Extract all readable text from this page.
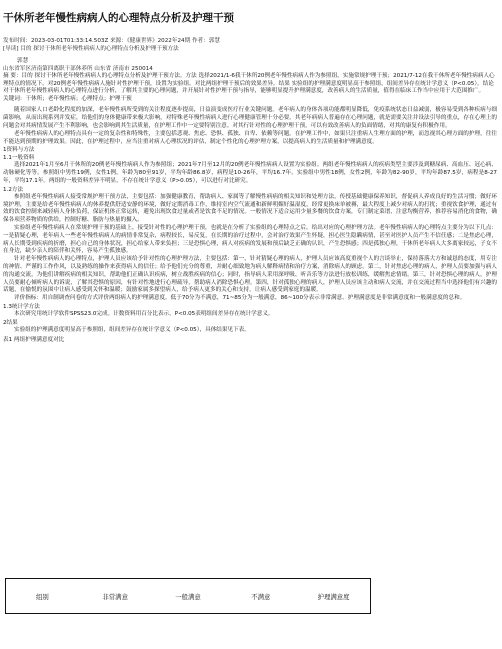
干休所老年慢性病病人的心理特点分析及护理干预
发布时间：2023-03-01T01:33:14.503Z 来源：《健康世界》2022年24期 作者：郭慧
[导读] 目的 探讨干休所老年慢性病病人的心理特点分析及护理干预方法
郭慧
山东省军区济南第四离职干部休养所 山东省 济南市 250014
摘 要：目的 探讨干休所老年慢性病病人的心理特点分析及护理干预方法。方法 选择2021/1-6我干休所20例老年慢性病病人作为参照组，实施常规护理干预；2021/7-12在我干休所老年慢性病病人心理特点的情况下，对20例老年慢性病病人施针对性护理干预，设置为实验组。对比两组护理干预后的效果差异。结果 实验组的护理满意度明显高于参照组，组间差异存在统计学意义（P<0.05）。结论 对干休所老年慢性病病人的心理特点进行分析，了解其主要的心理问题，并开展针对性护理干预与指导，能够明显提升护理满意度，改善病人的生活质量，值得在临床工作当中应用于大范围推广。
关键词：干休所；老年慢性病；心理特点；护理干预

随着国家人口老龄化程度的加深，老年慢性病所受到的关注程度逐步提高，日益演变成医疗行业关键问题。老年病人的身体各项功能都明显降低，免疫系统状态日益减弱，极容易受到各种疾病与细菌影响，从而出现系列并发症，给他们的身体健康带来极大影响，对特殊老年慢性病病人进行心理健康管理十分必要。其老年病病人普遍存在心理问题，就是需要关注并设法引导的重点，存在心理上的问题会对其病情发展产生不利影响，也会影响到其生活质量，在护理工作中一定要特别注意。对其行针对性的心理护理干预，可以有效改善病人的负面情绪，对其的康复有积极作用。

老年慢性病病人的心理特点具有一定的复杂性和特殊性，主要包括悲观、焦虑、恐惧、孤独、自卑、依赖等问题。在护理工作中，如果只注重病人生理方面的护理，而忽视其心理方面的护理，往往不能达到预期的护理效果。因此，在护理过程中，应当注重对病人心理状况的评估，制定个性化的心理护理方案，以提高病人的生活质量和护理满意度。

1资料与方法

1.1一般资料

选择2021年1月至6月干休所的20例老年慢性病病人作为参照组；2021年7月至12月的20例老年慢性病病人设置为实验组。两组老年慢性病病人的疾病类型主要涉及到糖尿病、高血压、冠心病、动脉硬化等等。参照组中男性19例，女性1例，年龄为80至91岁，平均年龄86.8岁，病程是10-26年，平均16.7年。实验组中男性18例，女性2例，年龄为82-90岁，平均年龄87.5岁，病程是8-27年，平均17.1年。两组的一般资料差异不明显，不存在统计学意义（P>0.05），可以进行对比研究。

1.2方法

参照组老年慢性病病人接受常规护理干预方法，主要包括：加强健康教育，帮助病人、家属等了解慢性病病的相关知识和处理方法，传授基础健康保养知识，督促病人养成良好的生活习惯；做好环境护理，主要是给老年慢性病病人的休养提供舒适安静的环境，做好定期消毒工作，维持室内空气流通和新鲜明媚好温湿度，经常更换床单被褥，最大程度上减少对病人的打扰；重视饮食护理，通过有效的饮食控制来减轻病人身体负荷，保证机体正常运转，避免出现饮食过量或者是饮食不足的情况。一般情况下适合运用少量多餐的饮食方案，专门制定菜谱，注意均衡营养，推荐容易消化的食物，确保各项营养物质的供给，控制好糖、脂肪与热量的摄入。

实验组老年慢性病病人在常规护理干预的基础上，接受针对性的心理护理干预，也就是在分析了实验组的心理特点之后，给出对应的心理护理方法。老年慢性病病人的心理特点主要分为以下几点：一是猜疑心理，老年病人一些老年慢性病病人的病情非常复杂，病程较长，易反复，在长期的治疗过程中，会对治疗效果产生怀疑，担心医生隐瞒病情，甚至对医护人员产生不信任感；二是焦虑心理，病人长期受到疾病的折磨，担心自己的身体状况，担心给家人带来负担；三是恐惧心理，病人对疾病的发展和预后缺乏正确的认识，产生恐惧感；四是孤独心理，干休所老年病人大多离家较远，子女不在身边，缺少亲人的陪伴和关怀，容易产生孤独感。

针对老年慢性病病人的心理特点，护理人员应该给予针对性的心理护理方法，主要包括：第一，针对猜疑心理的病人，护理人员应该高度重视个人的言谈举止，保持落落大方和诚恳的态度，用专注的神情、严谨的工作作风，以及熟练的操作来获得病人的信任；给予他们充分的尊重，并耐心细致地为病人解释病情和治疗方案，消除病人的顾虑。第二，针对焦虑心理的病人，护理人员要加强与病人的沟通交流，为他们讲解疾病的相关知识，帮助他们正确认识疾病，树立战胜疾病的信心；同时，指导病人采用深呼吸、听音乐等方法进行放松训练，缓解焦虑情绪。第三，针对恐惧心理的病人，护理人员要耐心倾听病人的诉说，了解其恐惧的原因，有针对性地进行心理疏导，帮助病人消除恐惧心理。第四，针对孤独心理的病人，护理人员应该主动和病人交流，并在交流过程当中选择他们有兴趣的话题，在愉悦的氛围中让病人感受到关怀和温暖；鼓励家属多探望病人，给予病人更多的关心和支持，让病人感受到家庭的温暖。

评价指标：用自制调查问卷的方式评价两组病人的护理满意度。低于70分为不满意，71~85分为一般满意，86~100分表示非常满意。护理满意度是非常满意度和一般满意度的总和。

1.3统计学方法

本次研究用统计学软件SPSS23.0完成。计数资料用百分比表示，P<0.05表明组间差异存在统计学意义。

2结果

实验组的护理满意度明显高于参照组，组间差异存在统计学意义（P<0.05），具体结果见下表。

表1 两组护理满意度对比
组别	非常满意	一般满意	不满意	护理满意度
